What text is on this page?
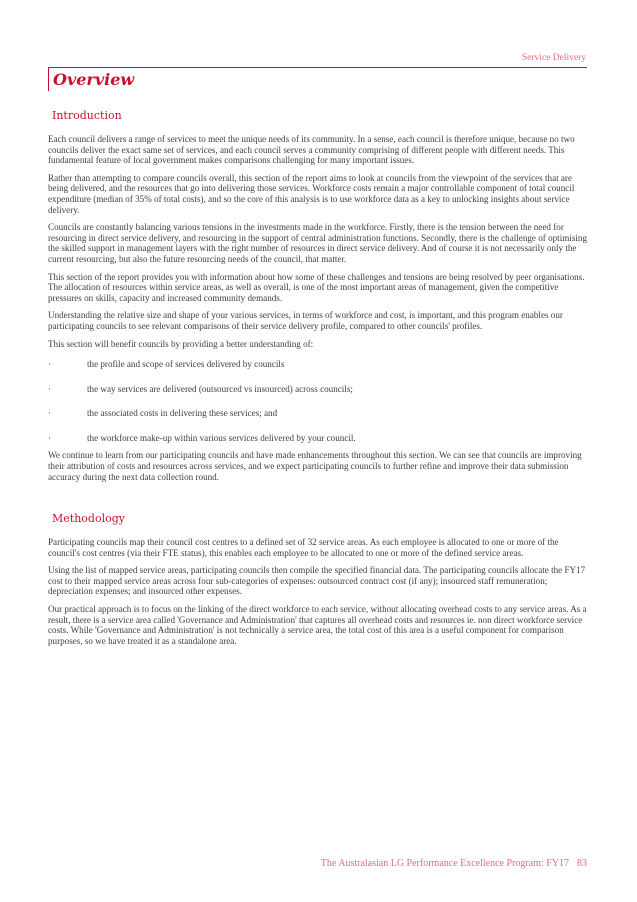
Service Delivery
Overview
Introduction

Each council delivers a range of services to meet the unique needs of its community. In a sense, each council is therefore unique, because no two councils deliver the exact same set of services, and each council serves a community comprising of different people with different needs. This fundamental feature of local government makes comparisons challenging for many important issues.

Rather than attempting to compare councils overall, this section of the report aims to look at councils from the viewpoint of the services that are being delivered, and the resources that go into delivering those services. Workforce costs remain a major controllable component of total council expenditure (median of 35% of total costs), and so the core of this analysis is to use workforce data as a key to unlocking insights about service delivery.

Councils are constantly balancing various tensions in the investments made in the workforce. Firstly, there is the tension between the need for resourcing in direct service delivery, and resourcing in the support of central administration functions. Secondly, there is the challenge of optimising the skilled support in management layers with the right number of resources in direct service delivery. And of course it is not necessarily only the current resourcing, but also the future resourcing needs of the council, that matter.

This section of the report provides you with information about how some of these challenges and tensions are being resolved by peer organisations. The allocation of resources within service areas, as well as overall, is one of the most important areas of management, given the competitive pressures on skills, capacity and increased community demands.

Understanding the relative size and shape of your various services, in terms of workforce and cost, is important, and this program enables our participating councils to see relevant comparisons of their service delivery profile, compared to other councils' profiles.

This section will benefit councils by providing a better understanding of:

·	the profile and scope of services delivered by councils
·	the way services are delivered (outsourced vs insourced) across councils;
·	the associated costs in delivering these services; and
·	the workforce make-up within various services delivered by your council.

We continue to learn from our participating councils and have made enhancements throughout this section. We can see that councils are improving their attribution of costs and resources across services, and we expect participating councils to further refine and improve their data submission accuracy during the next data collection round.

Methodology

Participating councils map their council cost centres to a defined set of 32 service areas. As each employee is allocated to one or more of the council's cost centres (via their FTE status), this enables each employee to be allocated to one or more of the defined service areas.

Using the list of mapped service areas, participating councils then compile the specified financial data. The participating councils allocate the FY17 cost to their mapped service areas across four sub-categories of expenses: outsourced contract cost (if any); insourced staff remuneration; depreciation expenses; and insourced other expenses.

Our practical approach is to focus on the linking of the direct workforce to each service, without allocating overhead costs to any service areas. As a result, there is a service area called 'Governance and Administration' that captures all overhead costs and resources ie. non direct workforce service costs. While 'Governance and Administration' is not technically a service area, the total cost of this area is a useful component for comparison purposes, so we have treated it as a standalone area.

The Australasian LG Performance Excellence Program: FY17 83
